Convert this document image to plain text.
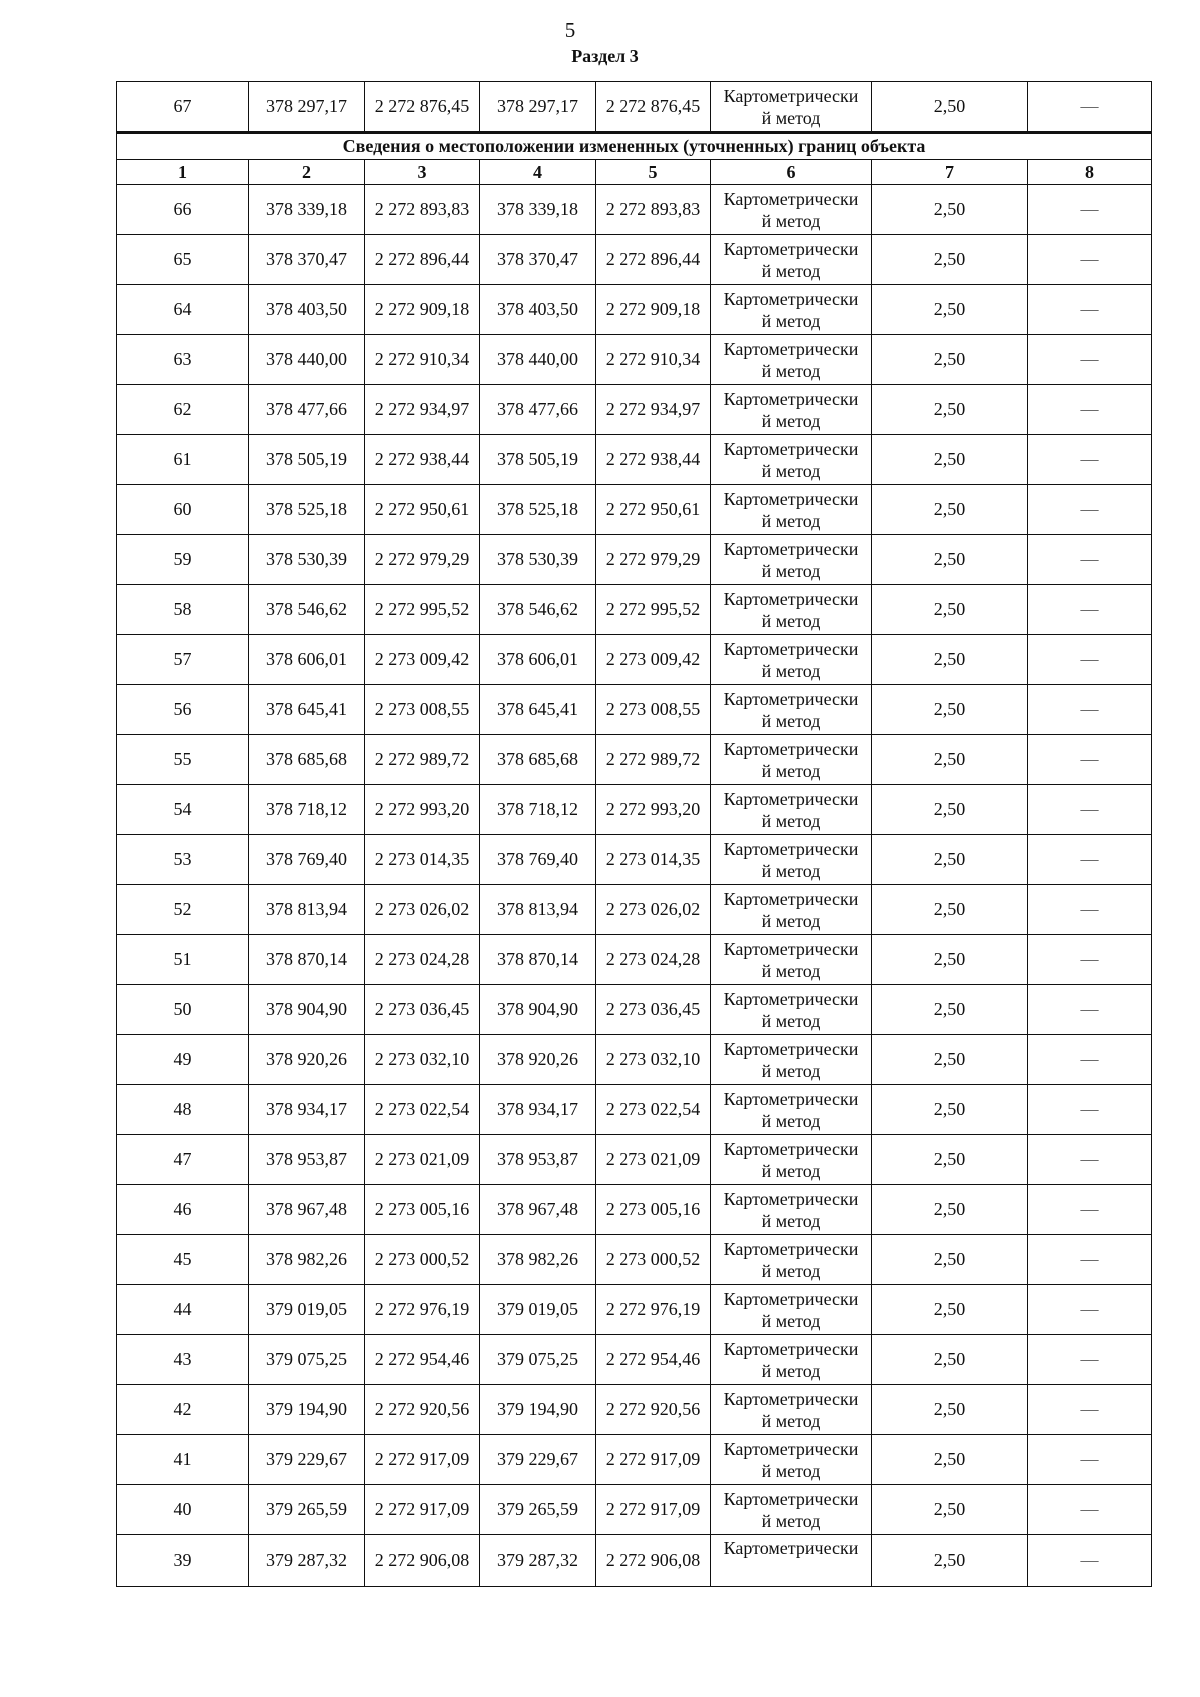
5
Раздел 3
67	378 297,17	2 272 876,45	378 297,17	2 272 876,45	Картометрически
й метод	2,50	—
Сведения о местоположении измененных (уточненных) границ объекта							
1	2	3	4	5	6	7	8
66	378 339,18	2 272 893,83	378 339,18	2 272 893,83	Картометрически
й метод	2,50	—
65	378 370,47	2 272 896,44	378 370,47	2 272 896,44	Картометрически
й метод	2,50	—
64	378 403,50	2 272 909,18	378 403,50	2 272 909,18	Картометрически
й метод	2,50	—
63	378 440,00	2 272 910,34	378 440,00	2 272 910,34	Картометрически
й метод	2,50	—
62	378 477,66	2 272 934,97	378 477,66	2 272 934,97	Картометрически
й метод	2,50	—
61	378 505,19	2 272 938,44	378 505,19	2 272 938,44	Картометрически
й метод	2,50	—
60	378 525,18	2 272 950,61	378 525,18	2 272 950,61	Картометрически
й метод	2,50	—
59	378 530,39	2 272 979,29	378 530,39	2 272 979,29	Картометрически
й метод	2,50	—
58	378 546,62	2 272 995,52	378 546,62	2 272 995,52	Картометрически
й метод	2,50	—
57	378 606,01	2 273 009,42	378 606,01	2 273 009,42	Картометрически
й метод	2,50	—
56	378 645,41	2 273 008,55	378 645,41	2 273 008,55	Картометрически
й метод	2,50	—
55	378 685,68	2 272 989,72	378 685,68	2 272 989,72	Картометрически
й метод	2,50	—
54	378 718,12	2 272 993,20	378 718,12	2 272 993,20	Картометрически
й метод	2,50	—
53	378 769,40	2 273 014,35	378 769,40	2 273 014,35	Картометрически
й метод	2,50	—
52	378 813,94	2 273 026,02	378 813,94	2 273 026,02	Картометрически
й метод	2,50	—
51	378 870,14	2 273 024,28	378 870,14	2 273 024,28	Картометрически
й метод	2,50	—
50	378 904,90	2 273 036,45	378 904,90	2 273 036,45	Картометрически
й метод	2,50	—
49	378 920,26	2 273 032,10	378 920,26	2 273 032,10	Картометрически
й метод	2,50	—
48	378 934,17	2 273 022,54	378 934,17	2 273 022,54	Картометрически
й метод	2,50	—
47	378 953,87	2 273 021,09	378 953,87	2 273 021,09	Картометрически
й метод	2,50	—
46	378 967,48	2 273 005,16	378 967,48	2 273 005,16	Картометрически
й метод	2,50	—
45	378 982,26	2 273 000,52	378 982,26	2 273 000,52	Картометрически
й метод	2,50	—
44	379 019,05	2 272 976,19	379 019,05	2 272 976,19	Картометрически
й метод	2,50	—
43	379 075,25	2 272 954,46	379 075,25	2 272 954,46	Картометрически
й метод	2,50	—
42	379 194,90	2 272 920,56	379 194,90	2 272 920,56	Картометрически
й метод	2,50	—
41	379 229,67	2 272 917,09	379 229,67	2 272 917,09	Картометрически
й метод	2,50	—
40	379 265,59	2 272 917,09	379 265,59	2 272 917,09	Картометрически
й метод	2,50	—
39	379 287,32	2 272 906,08	379 287,32	2 272 906,08	Картометрически	2,50	—
